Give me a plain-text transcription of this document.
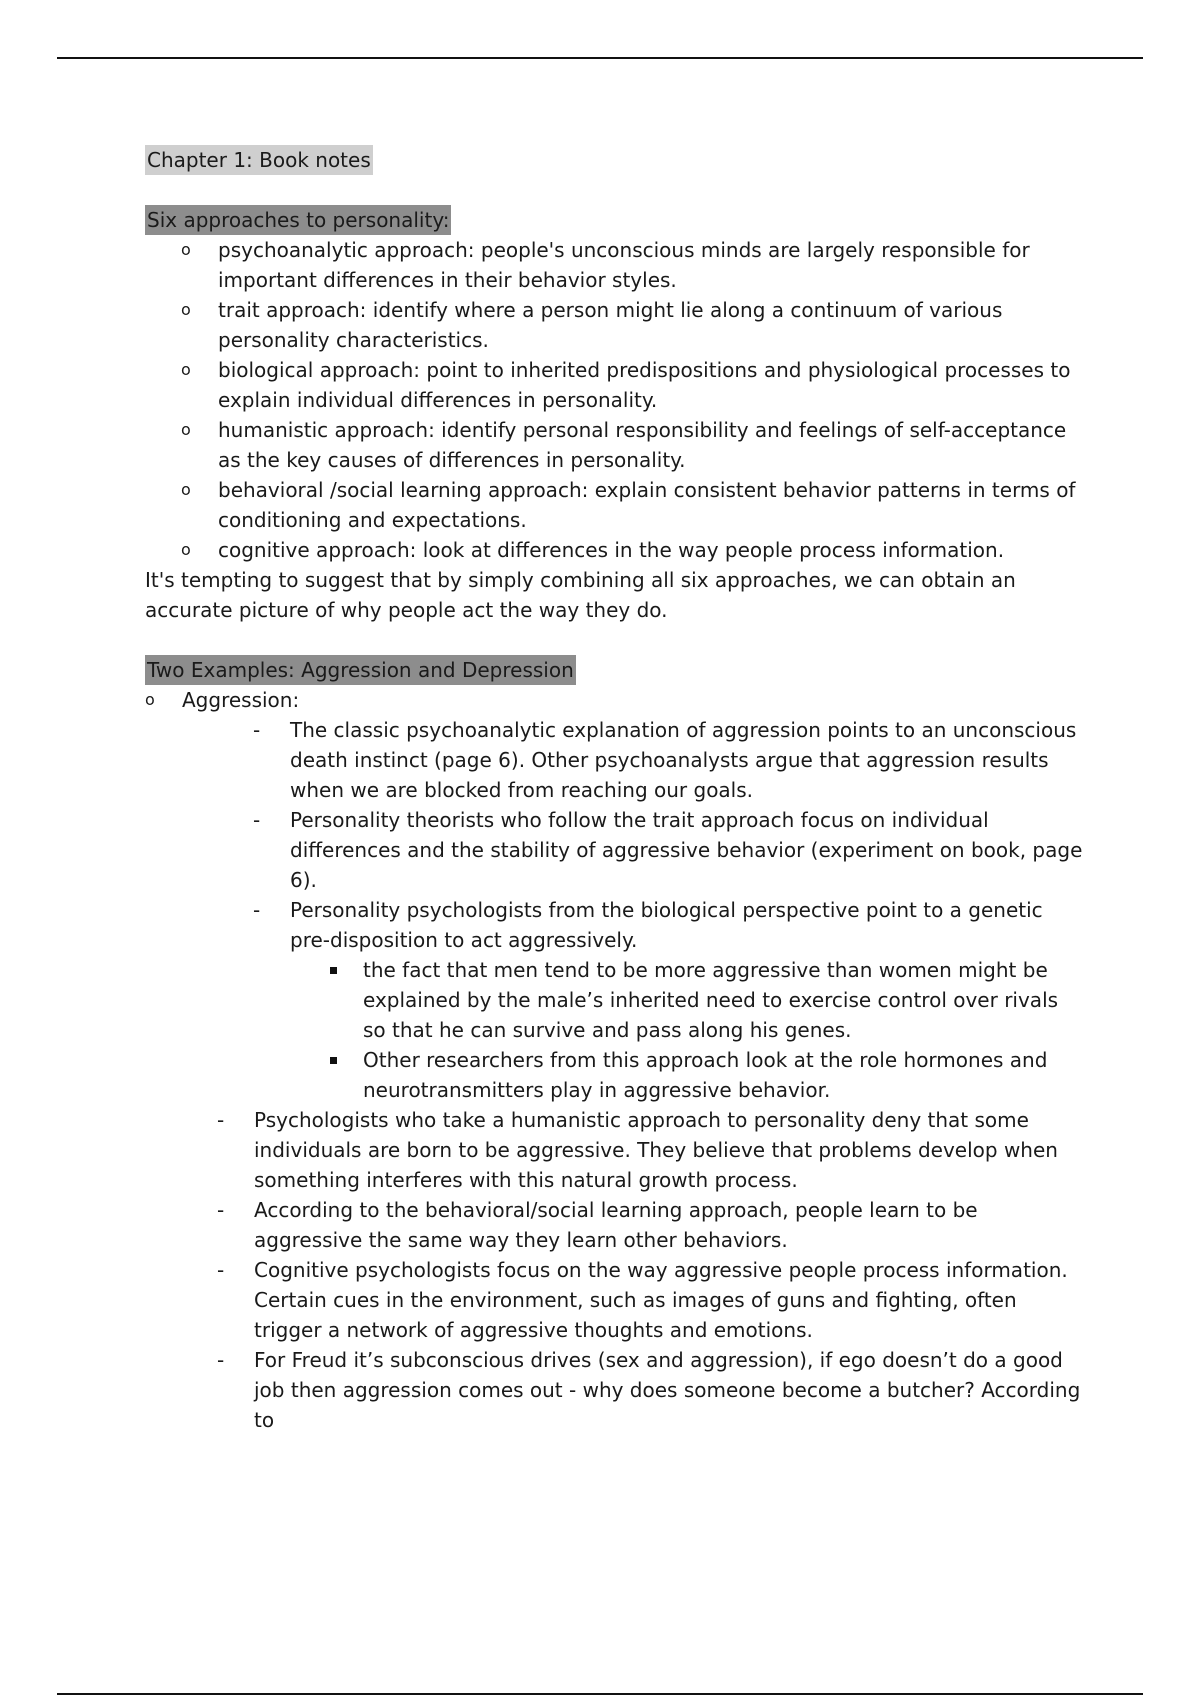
Chapter 1: Book notes
Six approaches to personality:
o psychoanalytic approach: people's unconscious minds are largely responsible for important differences in their behavior styles.
o trait approach: identify where a person might lie along a continuum of various personality characteristics.
o biological approach: point to inherited predispositions and physiological processes to explain individual differences in personality.
o humanistic approach: identify personal responsibility and feelings of self-acceptance as the key causes of differences in personality.
o behavioral /social learning approach: explain consistent behavior patterns in terms of conditioning and expectations.
o cognitive approach: look at differences in the way people process information.
It's tempting to suggest that by simply combining all six approaches, we can obtain an accurate picture of why people act the way they do.
Two Examples: Aggression and Depression
o Aggression:
- The classic psychoanalytic explanation of aggression points to an unconscious death instinct (page 6). Other psychoanalysts argue that aggression results when we are blocked from reaching our goals.
- Personality theorists who follow the trait approach focus on individual differences and the stability of aggressive behavior (experiment on book, page 6).
- Personality psychologists from the biological perspective point to a genetic pre-disposition to act aggressively.
the fact that men tend to be more aggressive than women might be explained by the male’s inherited need to exercise control over rivals so that he can survive and pass along his genes.
Other researchers from this approach look at the role hormones and neurotransmitters play in aggressive behavior.
- Psychologists who take a humanistic approach to personality deny that some individuals are born to be aggressive. They believe that problems develop when something interferes with this natural growth process.
- According to the behavioral/social learning approach, people learn to be aggressive the same way they learn other behaviors.
- Cognitive psychologists focus on the way aggressive people process information. Certain cues in the environment, such as images of guns and fighting, often trigger a network of aggressive thoughts and emotions.
- For Freud it’s subconscious drives (sex and aggression), if ego doesn’t do a good job then aggression comes out - why does someone become a butcher? According to
